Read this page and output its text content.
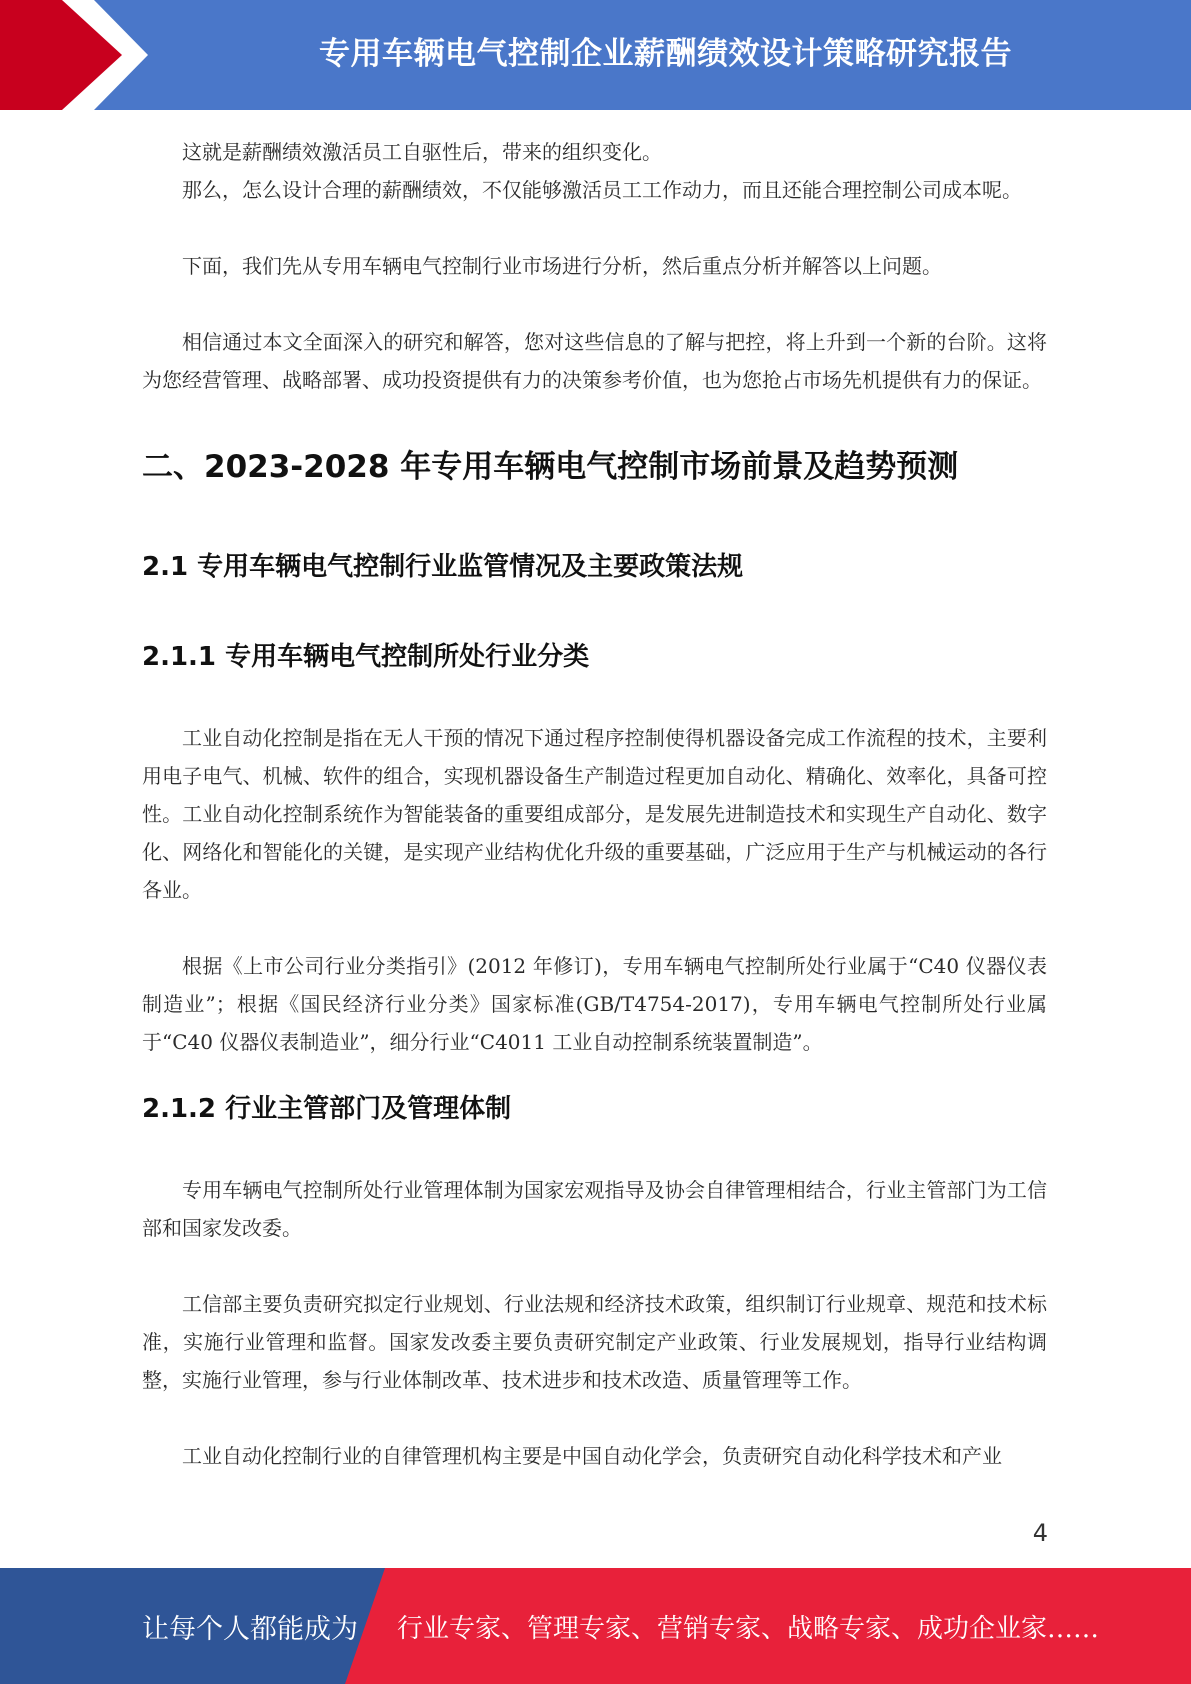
专用车辆电气控制企业薪酬绩效设计策略研究报告

这就是薪酬绩效激活员工自驱性后，带来的组织变化。

那么，怎么设计合理的薪酬绩效，不仅能够激活员工工作动力，而且还能合理控制公司成本呢。

下面，我们先从专用车辆电气控制行业市场进行分析，然后重点分析并解答以上问题。

相信通过本文全面深入的研究和解答，您对这些信息的了解与把控，将上升到一个新的台阶。这将为您经营管理、战略部署、成功投资提供有力的决策参考价值，也为您抢占市场先机提供有力的保证。

二、2023-2028 年专用车辆电气控制市场前景及趋势预测
2.1 专用车辆电气控制行业监管情况及主要政策法规
2.1.1 专用车辆电气控制所处行业分类

工业自动化控制是指在无人干预的情况下通过程序控制使得机器设备完成工作流程的技术，主要利用电子电气、机械、软件的组合，实现机器设备生产制造过程更加自动化、精确化、效率化，具备可控性。工业自动化控制系统作为智能装备的重要组成部分，是发展先进制造技术和实现生产自动化、数字化、网络化和智能化的关键，是实现产业结构优化升级的重要基础，广泛应用于生产与机械运动的各行各业。

根据《上市公司行业分类指引》(2012 年修订)，专用车辆电气控制所处行业属于“C40 仪器仪表制造业”；根据《国民经济行业分类》国家标准(GB/T4754-2017)，专用车辆电气控制所处行业属于“C40 仪器仪表制造业”，细分行业“C4011 工业自动控制系统装置制造”。

2.1.2 行业主管部门及管理体制

专用车辆电气控制所处行业管理体制为国家宏观指导及协会自律管理相结合，行业主管部门为工信部和国家发改委。

工信部主要负责研究拟定行业规划、行业法规和经济技术政策，组织制订行业规章、规范和技术标准，实施行业管理和监督。国家发改委主要负责研究制定产业政策、行业发展规划，指导行业结构调整，实施行业管理，参与行业体制改革、技术进步和技术改造、质量管理等工作。

工业自动化控制行业的自律管理机构主要是中国自动化学会，负责研究自动化科学技术和产业

4
让每个人都能成为 行业专家、管理专家、营销专家、战略专家、成功企业家……
